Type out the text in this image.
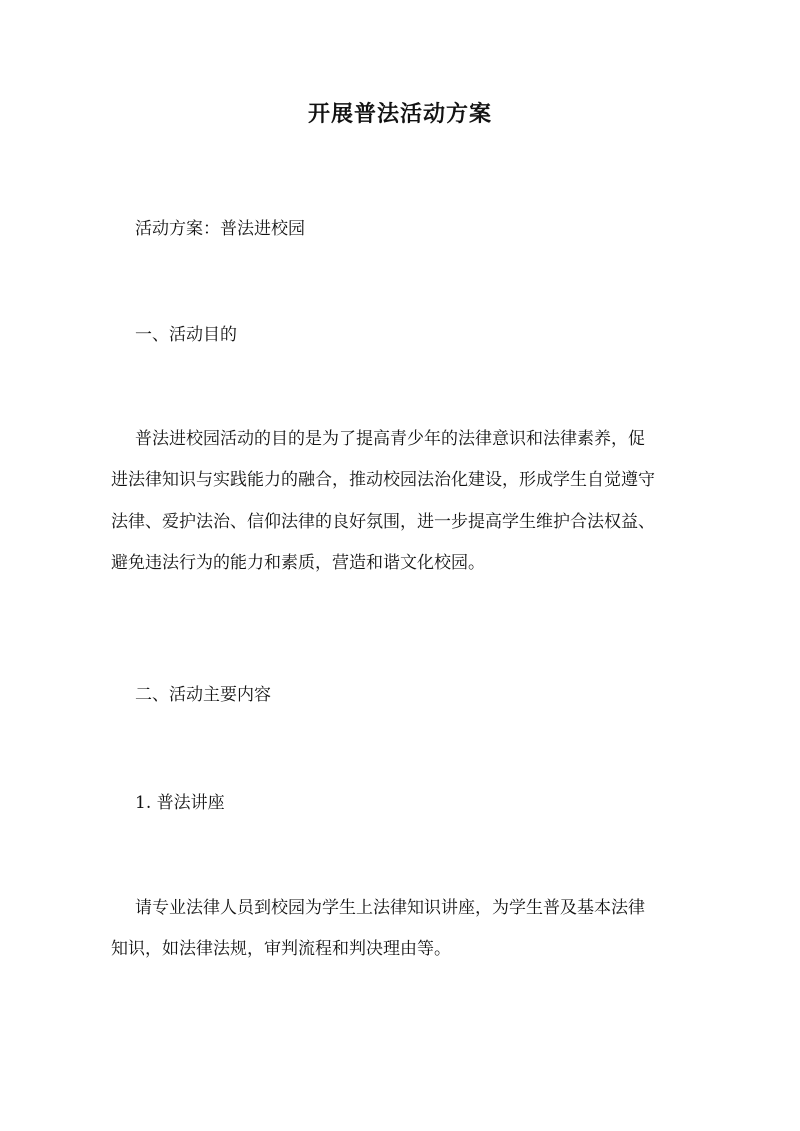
开展普法活动方案
活动方案：普法进校园
一、活动目的
普法进校园活动的目的是为了提高青少年的法律意识和法律素养，促
进法律知识与实践能力的融合，推动校园法治化建设，形成学生自觉遵守
法律、爱护法治、信仰法律的良好氛围，进一步提高学生维护合法权益、
避免违法行为的能力和素质，营造和谐文化校园。
二、活动主要内容
1. 普法讲座
请专业法律人员到校园为学生上法律知识讲座，为学生普及基本法律
知识，如法律法规，审判流程和判决理由等。
